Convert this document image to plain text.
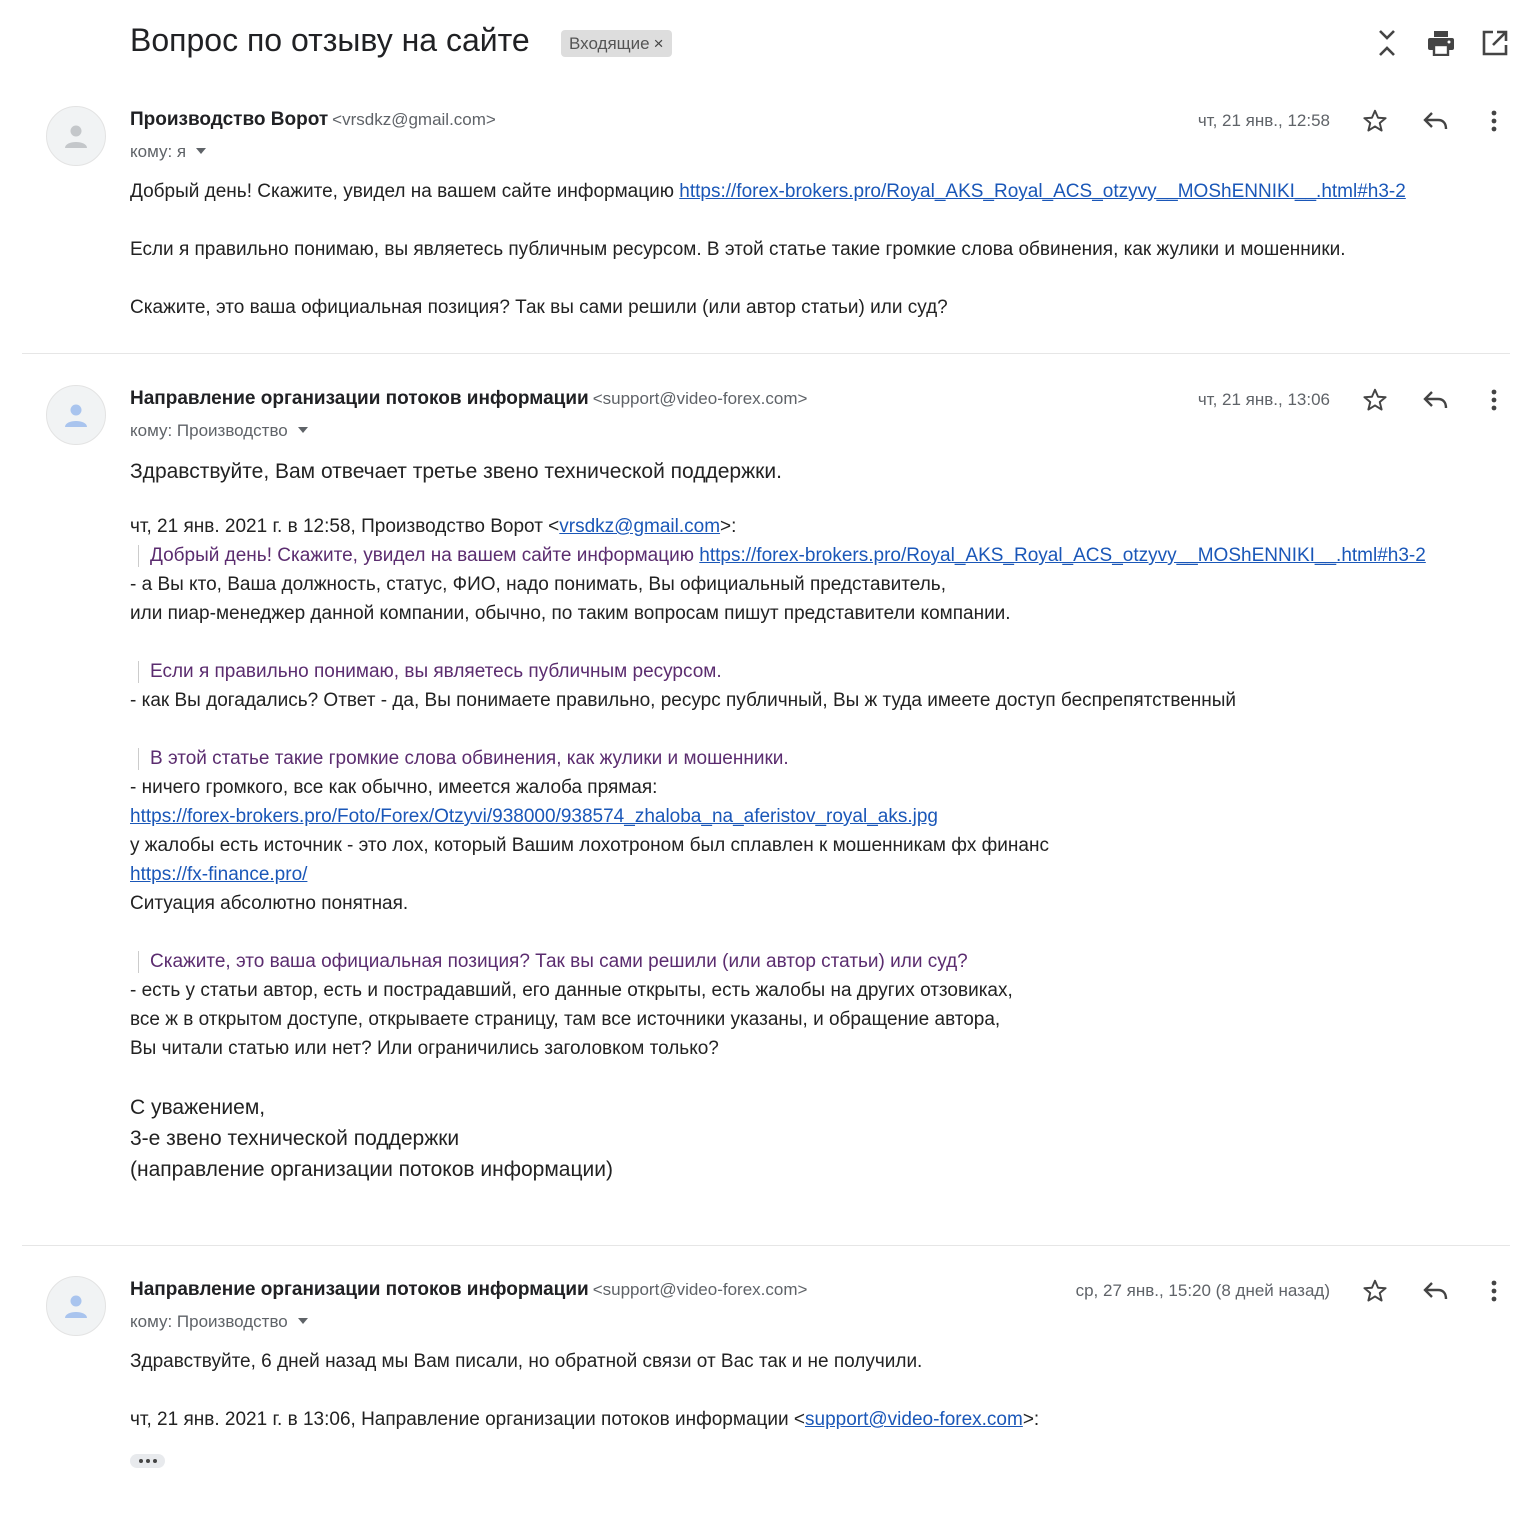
Вопрос по отзыву на сайте	Входящие ×
Производство Ворот <vrsdkz@gmail.com>
кому: я
чт, 21 янв., 12:58
Добрый день! Скажите, увидел на вашем сайте информацию https://forex-brokers.pro/Royal_AKS_Royal_ACS_otzyvy__MOShENNIKI__.html#h3-2
Если я правильно понимаю, вы являетесь публичным ресурсом. В этой статье такие громкие слова обвинения, как жулики и мошенники.
Скажите, это ваша официальная позиция? Так вы сами решили (или автор статьи) или суд?
Направление организации потоков информации <support@video-forex.com>
кому: Производство
чт, 21 янв., 13:06
Здравствуйте, Вам отвечает третье звено технической поддержки.
чт, 21 янв. 2021 г. в 12:58, Производство Ворот <vrsdkz@gmail.com>:
Добрый день! Скажите, увидел на вашем сайте информацию https://forex-brokers.pro/Royal_AKS_Royal_ACS_otzyvy__MOShENNIKI__.html#h3-2
- а Вы кто, Ваша должность, статус, ФИО, надо понимать, Вы официальный представитель,
или пиар-менеджер данной компании, обычно, по таким вопросам пишут представители компании.
Если я правильно понимаю, вы являетесь публичным ресурсом.
- как Вы догадались? Ответ - да, Вы понимаете правильно, ресурс публичный, Вы ж туда имеете доступ беспрепятственный
В этой статье такие громкие слова обвинения, как жулики и мошенники.
- ничего громкого, все как обычно, имеется жалоба прямая:
https://forex-brokers.pro/Foto/Forex/Otzyvi/938000/938574_zhaloba_na_aferistov_royal_aks.jpg
у жалобы есть источник - это лох, который Вашим лохотроном был сплавлен к мошенникам фх финанс
https://fx-finance.pro/
Ситуация абсолютно понятная.
Скажите, это ваша официальная позиция? Так вы сами решили (или автор статьи) или суд?
- есть у статьи автор, есть и пострадавший, его данные открыты, есть жалобы на других отзовиках,
все ж в открытом доступе, открываете страницу, там все источники указаны, и обращение автора,
Вы читали статью или нет? Или ограничились заголовком только?
С уважением,
3-е звено технической поддержки
(направление организации потоков информации)
Направление организации потоков информации <support@video-forex.com>
кому: Производство
ср, 27 янв., 15:20 (8 дней назад)
Здравствуйте, 6 дней назад мы Вам писали, но обратной связи от Вас так и не получили.
чт, 21 янв. 2021 г. в 13:06, Направление организации потоков информации <support@video-forex.com>:
